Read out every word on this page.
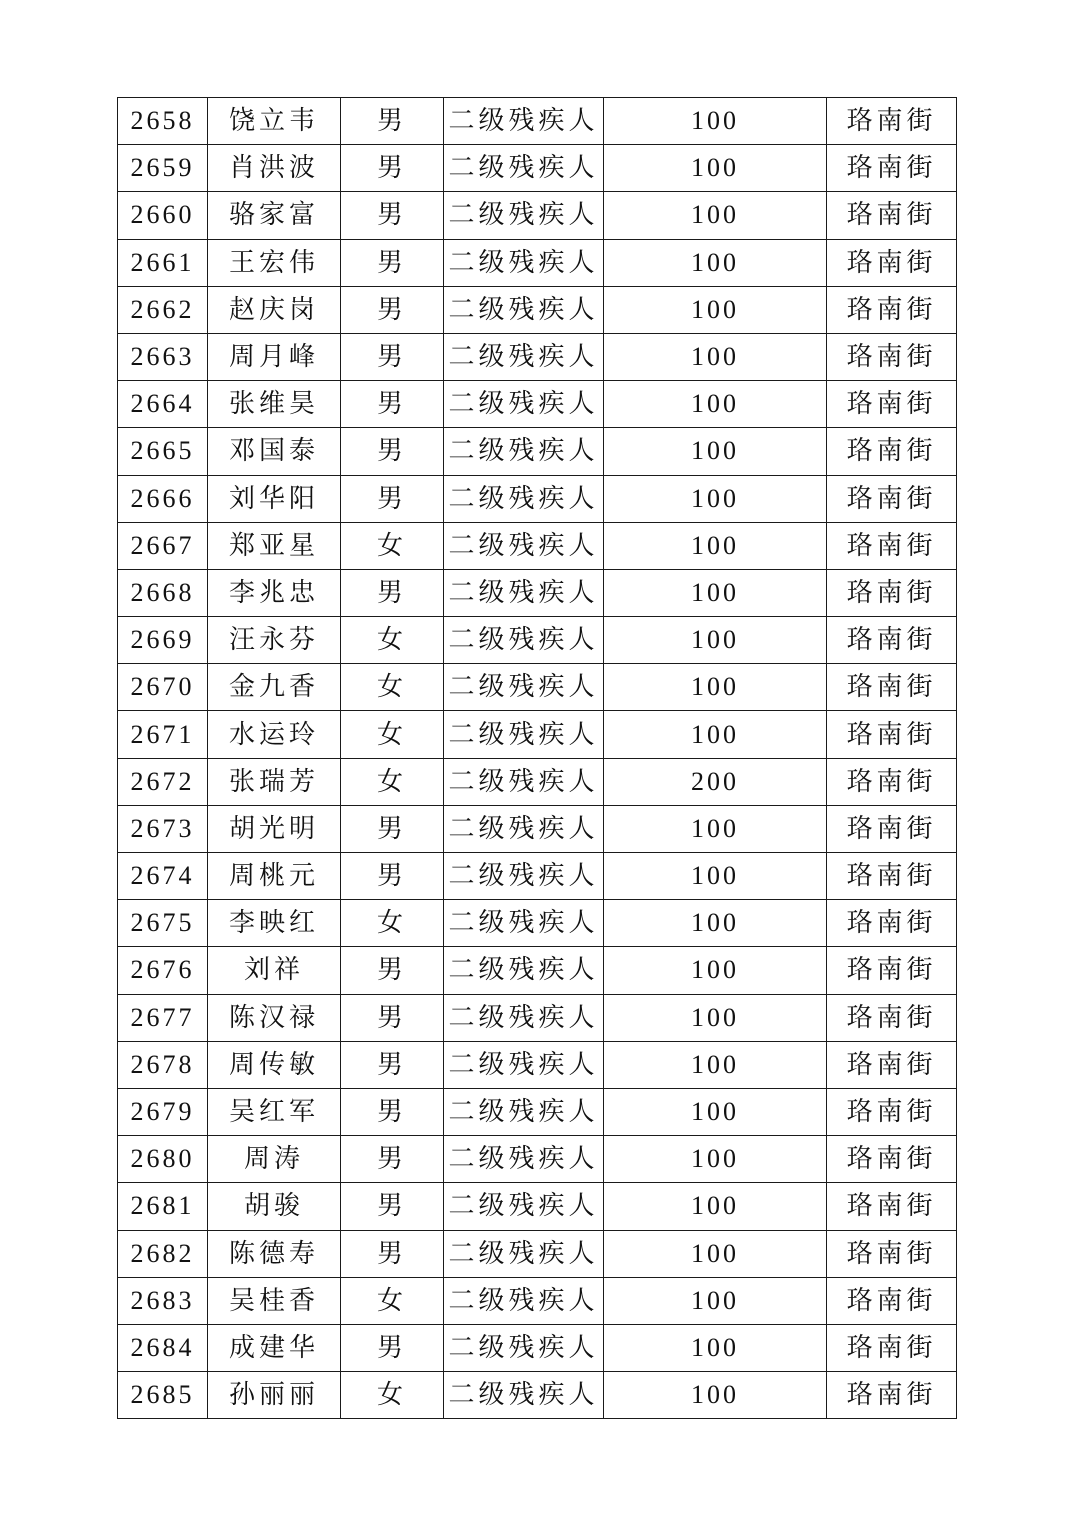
2658	饶立韦	男	二级残疾人	100	珞南街
2659	肖洪波	男	二级残疾人	100	珞南街
2660	骆家富	男	二级残疾人	100	珞南街
2661	王宏伟	男	二级残疾人	100	珞南街
2662	赵庆岗	男	二级残疾人	100	珞南街
2663	周月峰	男	二级残疾人	100	珞南街
2664	张维昊	男	二级残疾人	100	珞南街
2665	邓国泰	男	二级残疾人	100	珞南街
2666	刘华阳	男	二级残疾人	100	珞南街
2667	郑亚星	女	二级残疾人	100	珞南街
2668	李兆忠	男	二级残疾人	100	珞南街
2669	汪永芬	女	二级残疾人	100	珞南街
2670	金九香	女	二级残疾人	100	珞南街
2671	水运玲	女	二级残疾人	100	珞南街
2672	张瑞芳	女	二级残疾人	200	珞南街
2673	胡光明	男	二级残疾人	100	珞南街
2674	周桃元	男	二级残疾人	100	珞南街
2675	李映红	女	二级残疾人	100	珞南街
2676	刘祥	男	二级残疾人	100	珞南街
2677	陈汉禄	男	二级残疾人	100	珞南街
2678	周传敏	男	二级残疾人	100	珞南街
2679	吴红军	男	二级残疾人	100	珞南街
2680	周涛	男	二级残疾人	100	珞南街
2681	胡骏	男	二级残疾人	100	珞南街
2682	陈德寿	男	二级残疾人	100	珞南街
2683	吴桂香	女	二级残疾人	100	珞南街
2684	成建华	男	二级残疾人	100	珞南街
2685	孙丽丽	女	二级残疾人	100	珞南街
